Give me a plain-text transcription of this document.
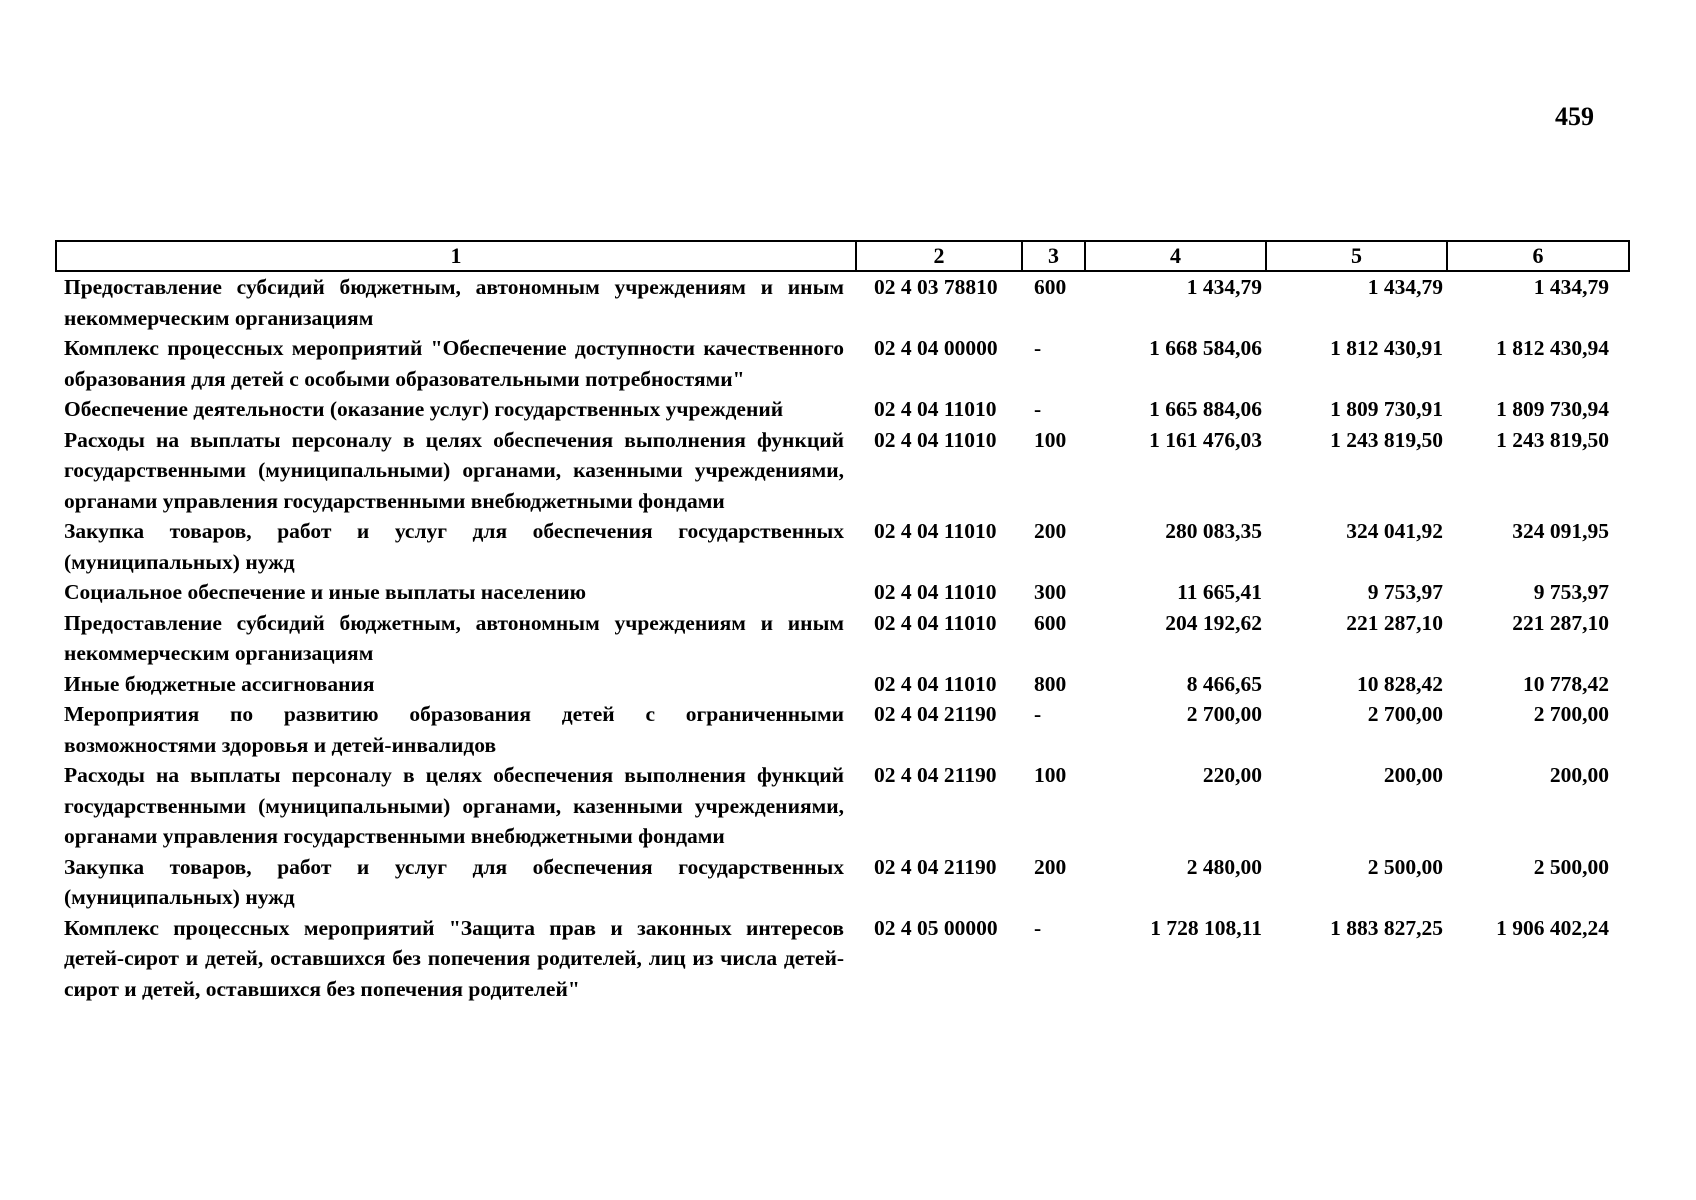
459
1	2	3	4	5	6
Предоставление субсидий бюджетным, автономным учреждениям и иным некоммерческим организациям	02 4 03 78810	600	1 434,79	1 434,79	1 434,79
Комплекс процессных мероприятий "Обеспечение доступности качественного образования для детей с особыми образовательными потребностями"	02 4 04 00000	-	1 668 584,06	1 812 430,91	1 812 430,94
Обеспечение деятельности (оказание услуг) государственных учреждений	02 4 04 11010	-	1 665 884,06	1 809 730,91	1 809 730,94
Расходы на выплаты персоналу в целях обеспечения выполнения функций государственными (муниципальными) органами, казенными учреждениями, органами управления государственными внебюджетными фондами	02 4 04 11010	100	1 161 476,03	1 243 819,50	1 243 819,50
Закупка товаров, работ и услуг для обеспечения государственных (муниципальных) нужд	02 4 04 11010	200	280 083,35	324 041,92	324 091,95
Социальное обеспечение и иные выплаты населению	02 4 04 11010	300	11 665,41	9 753,97	9 753,97
Предоставление субсидий бюджетным, автономным учреждениям и иным некоммерческим организациям	02 4 04 11010	600	204 192,62	221 287,10	221 287,10
Иные бюджетные ассигнования	02 4 04 11010	800	8 466,65	10 828,42	10 778,42
Мероприятия по развитию образования детей с ограниченными возможностями здоровья и детей-инвалидов	02 4 04 21190	-	2 700,00	2 700,00	2 700,00
Расходы на выплаты персоналу в целях обеспечения выполнения функций государственными (муниципальными) органами, казенными учреждениями, органами управления государственными внебюджетными фондами	02 4 04 21190	100	220,00	200,00	200,00
Закупка товаров, работ и услуг для обеспечения государственных (муниципальных) нужд	02 4 04 21190	200	2 480,00	2 500,00	2 500,00
Комплекс процессных мероприятий "Защита прав и законных интересов детей-сирот и детей, оставшихся без попечения родителей, лиц из числа детей-сирот и детей, оставшихся без попечения родителей"	02 4 05 00000	-	1 728 108,11	1 883 827,25	1 906 402,24
